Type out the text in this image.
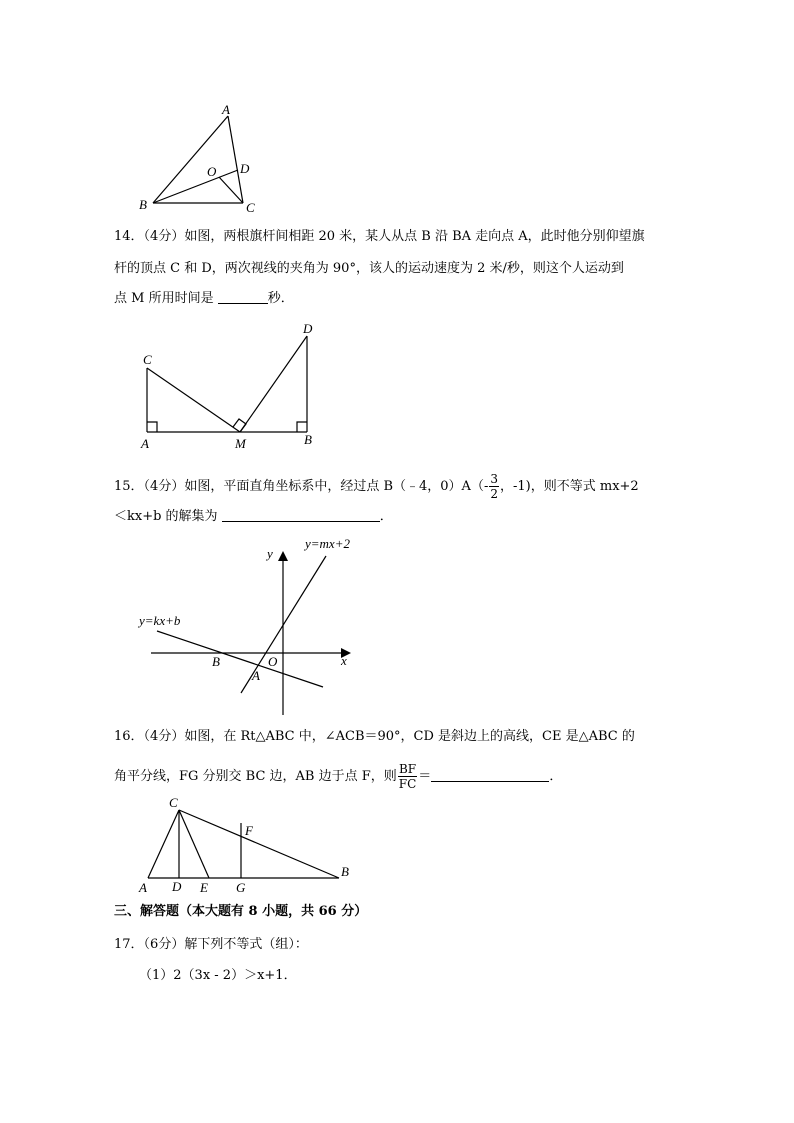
A
B	C
D
O
14．（4分）如图，两根旗杆间相距 20 米，某人从点 B 沿 BA 走向点 A，此时他分别仰望旗
杆的顶点 C 和 D，两次视线的夹角为 90°，该人的运动速度为 2 米/秒，则这个人运动到
点 M 所用时间是	秒．
C
D
A	M	B
15．（4分）如图，平面直角坐标系中，经过点 B（﹣4，$0)A(- \frac{3}{2}$ ，-1)，则不等式 mx+2
＜kx+b 的解集为	．
y
x
O
A
B
y=mx+2
y=kx+b
16．（4分）如图，在 Rt△ABC 中，∠ACB＝90°，CD 是斜边上的高线，CE 是△ABC 的
角平分线，FG 分别交 BC 边，AB 边于点 F，则 $\frac{BF}{FC}$ ＝	．
C
F
A D E G
B
三、解答题（本大题有 8 小题，共 66 分）
17．（6分）解下列不等式（组）：
（1）2（3x - 2）＞x+1．
